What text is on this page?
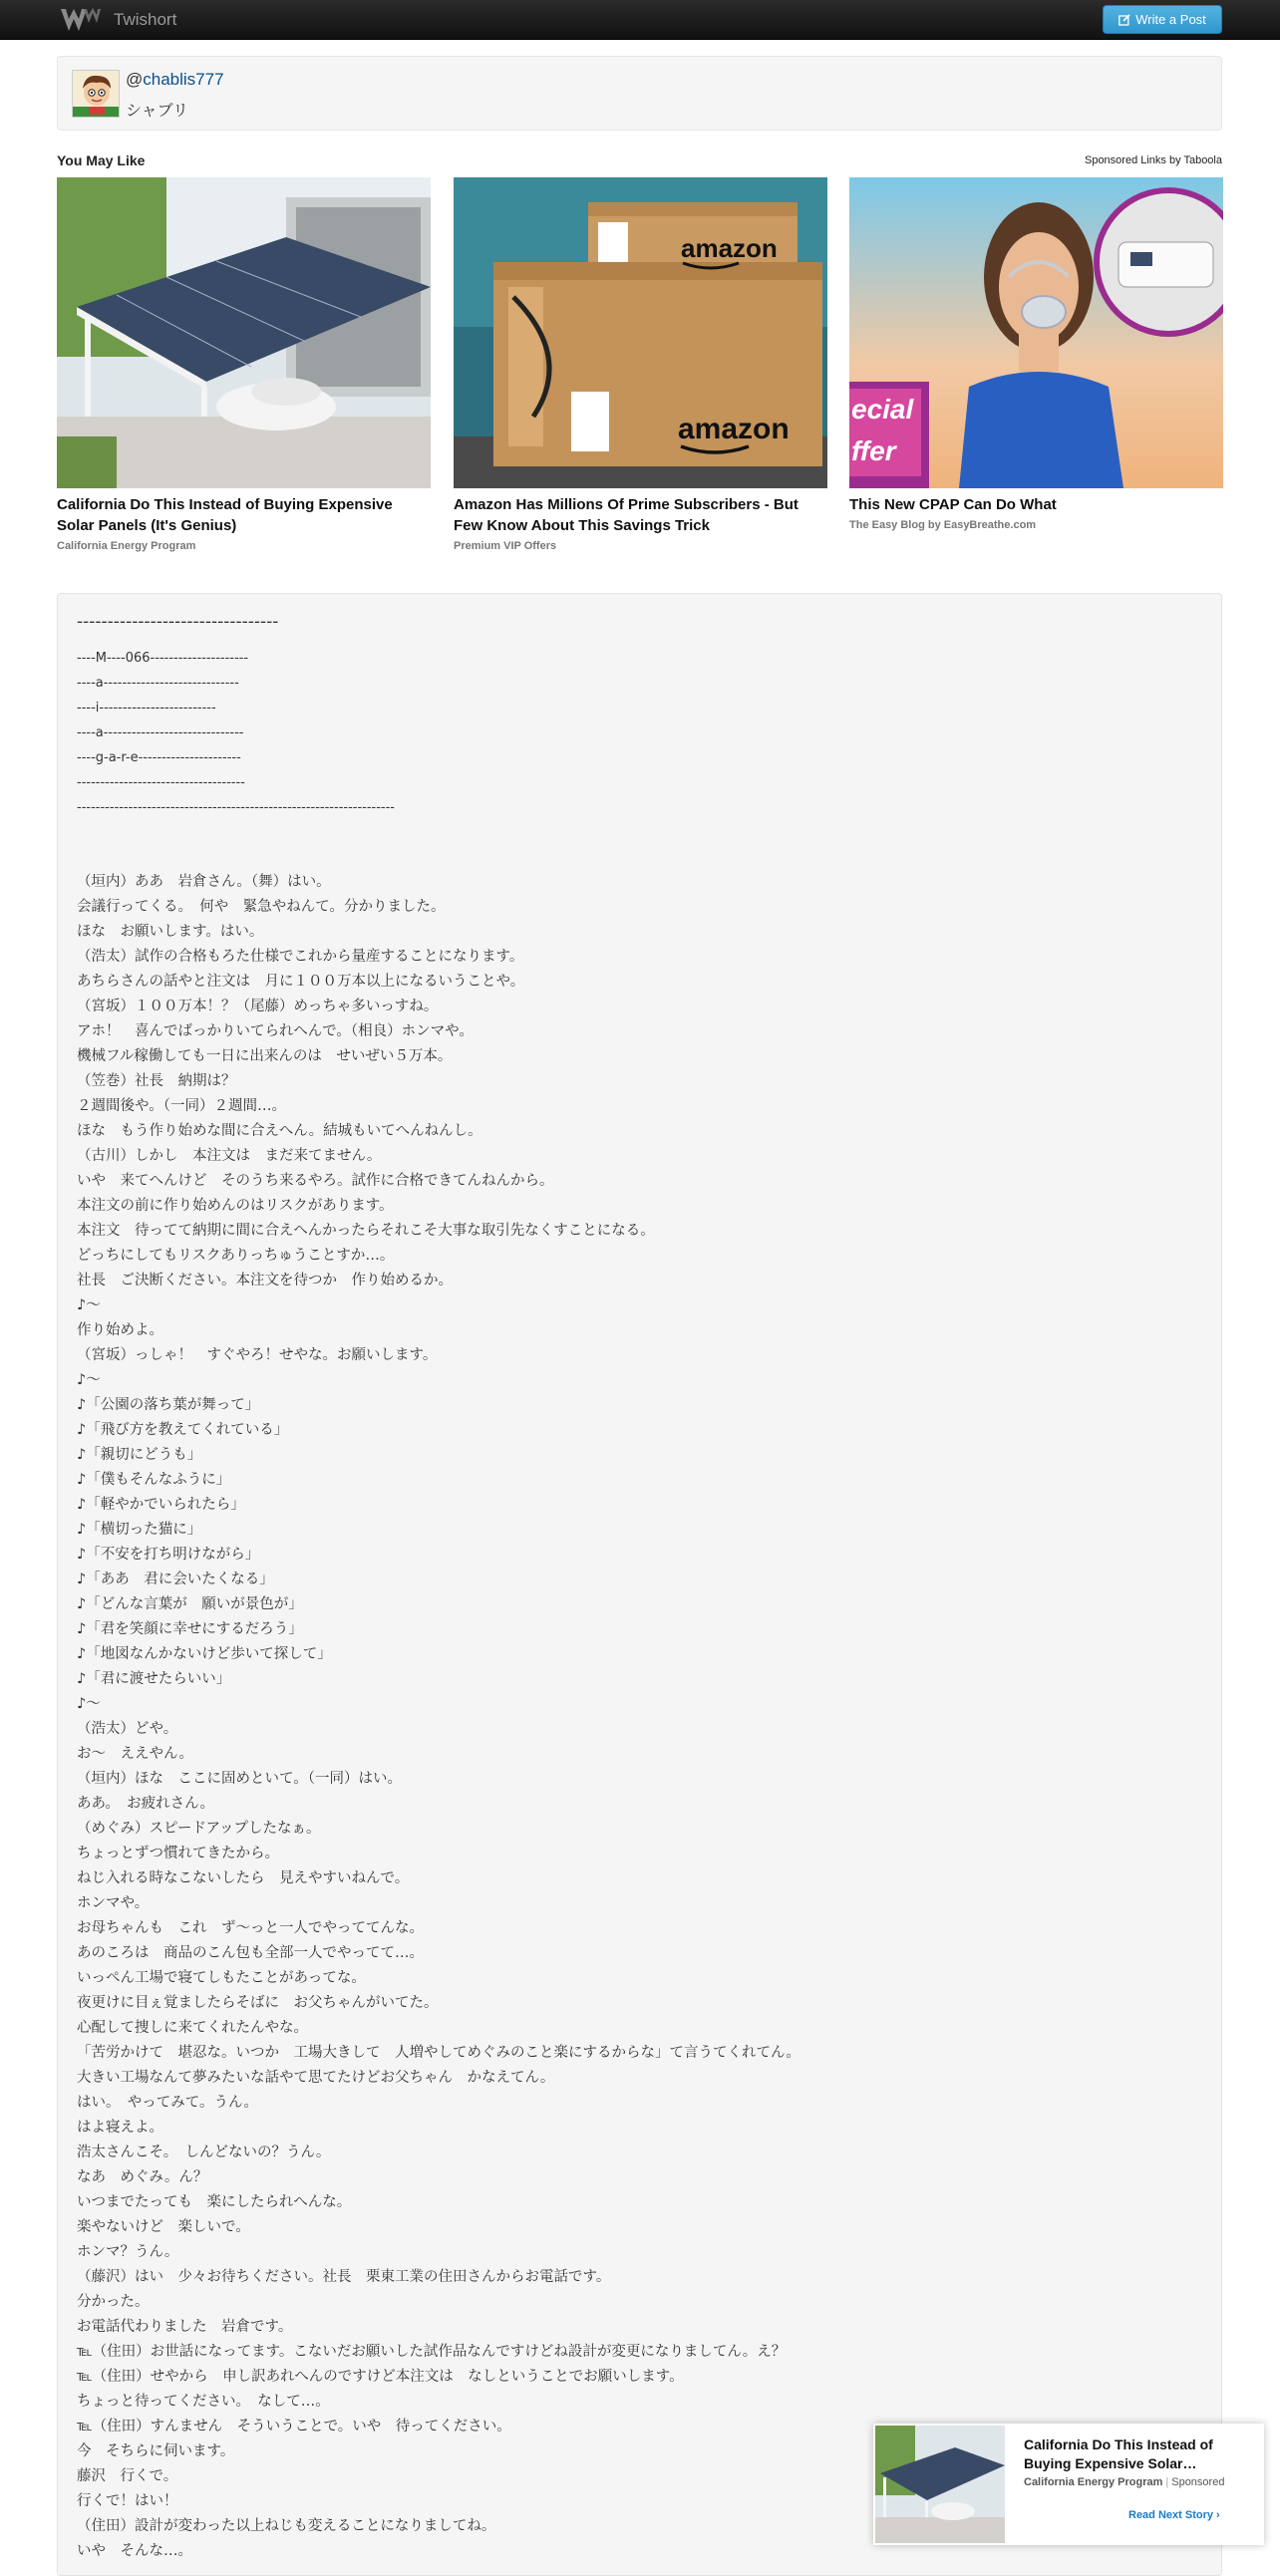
Twishort	Write a Post
@chablis777
シャブリ
You May Like	Sponsored Links by Taboola
California Do This Instead of Buying Expensive Solar Panels (It's Genius)
California Energy Program
amazon
amazon
Amazon Has Millions Of Prime Subscribers - But Few Know About This Savings Trick
Premium VIP Offers
ecial
ffer
This New CPAP Can Do What
The Easy Blog by EasyBreathe.com
---------------------------------
----M----066---------------------
----a-----------------------------
----i-------------------------
----a------------------------------
----g-a-r-e----------------------
------------------------------------
--------------------------------------------------------------------
（垣内）ああ　岩倉さん。（舞）はい。
会議行ってくる。　何や　緊急やねんて。分かりました。
ほな　お願いします。はい。
（浩太）試作の合格もろた仕様でこれから量産することになります。
あちらさんの話やと注文は　月に１００万本以上になるいうことや。
（宮坂）１００万本！？（尾藤）めっちゃ多いっすね。
アホ！　喜んでばっかりいてられへんで。（相良）ホンマや。
機械フル稼働しても一日に出来んのは　せいぜい５万本。
（笠巻）社長　納期は？
２週間後や。（一同）２週間…。
ほな　もう作り始めな間に合えへん。結城もいてへんねんし。
（古川）しかし　本注文は　まだ来てません。
いや　来てへんけど　そのうち来るやろ。試作に合格できてんねんから。
本注文の前に作り始めんのはリスクがあります。
本注文　待ってて納期に間に合えへんかったらそれこそ大事な取引先なくすことになる。
どっちにしてもリスクありっちゅうことすか…。
社長　ご決断ください。本注文を待つか　作り始めるか。
♪～
作り始めよ。
（宮坂）っしゃ！　すぐやろ！せやな。お願いします。
♪～
♪「公園の落ち葉が舞って」
♪「飛び方を教えてくれている」
♪「親切にどうも」
♪「僕もそんなふうに」
♪「軽やかでいられたら」
♪「横切った猫に」
♪「不安を打ち明けながら」
♪「ああ　君に会いたくなる」
♪「どんな言葉が　願いが景色が」
♪「君を笑顔に幸せにするだろう」
♪「地図なんかないけど歩いて探して」
♪「君に渡せたらいい」
♪～
（浩太）どや。
お～　ええやん。
（垣内）ほな　ここに固めといて。（一同）はい。
ああ。　お疲れさん。
（めぐみ）スピードアップしたなぁ。
ちょっとずつ慣れてきたから。
ねじ入れる時なこないしたら　見えやすいねんで。
ホンマや。
お母ちゃんも　これ　ず～っと一人でやっててんな。
あのころは　商品のこん包も全部一人でやってて…。
いっぺん工場で寝てしもたことがあってな。
夜更けに目ぇ覚ましたらそばに　お父ちゃんがいてた。
心配して捜しに来てくれたんやな。
「苦労かけて　堪忍な。いつか　工場大きして　人増やしてめぐみのこと楽にするからな」て言うてくれてん。
大きい工場なんて夢みたいな話やて思てたけどお父ちゃん　かなえてん。
はい。　やってみて。うん。
はよ寝えよ。
浩太さんこそ。　しんどないの？うん。
なあ　めぐみ。ん？
いつまでたっても　楽にしたられへんな。
楽やないけど　楽しいで。
ホンマ？うん。
（藤沢）はい　少々お待ちください。社長　栗東工業の住田さんからお電話です。
分かった。
お電話代わりました　岩倉です。
℡（住田）お世話になってます。こないだお願いした試作品なんですけどね設計が変更になりましてん。え？
℡（住田）せやから　申し訳あれへんのですけど本注文は　なしということでお願いします。
ちょっと待ってください。　なして…。
℡（住田）すんません　そういうことで。いや　待ってください。
今　そちらに伺います。
藤沢　行くで。
行くで！はい！
（住田）設計が変わった以上ねじも変えることになりましてね。
いや　そんな…。
California Do This Instead of Buying Expensive Solar…
California Energy Program | Sponsored
Read Next Story ›
